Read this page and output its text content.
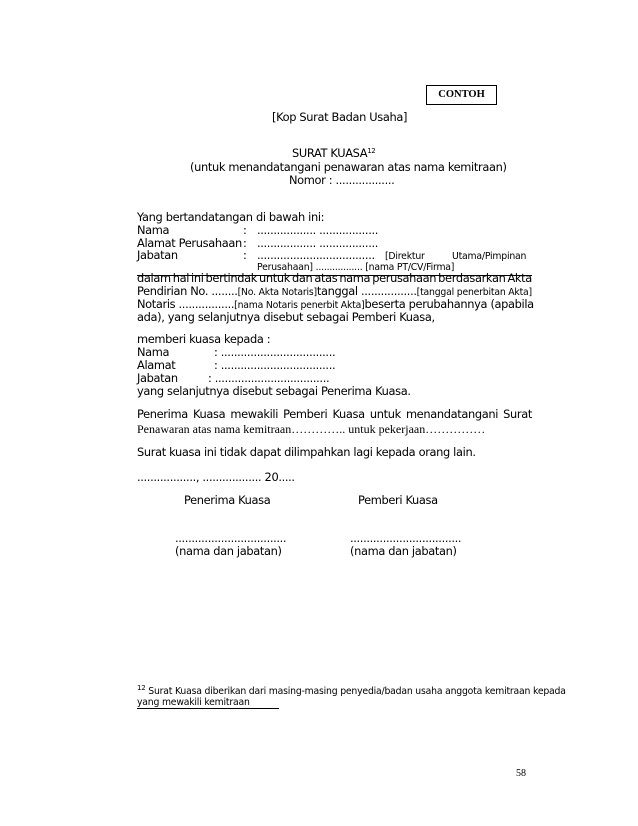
CONTOH
[Kop Surat Badan Usaha]
SURAT KUASA$^{12}$
(untuk menandatangani penawaran atas nama kemitraan)
Nomor : ..................
Yang bertandatangan di bawah ini:
Nama	: .................. ..................
Alamat Perusahaan : .................. ..................
Jabatan	: .................................... [Direktur	Utama/Pimpinan
Perusahaan] ................. [nama PT/CV/Firma]
dalam hal ini bertindak untuk dan atas nama perusahaan berdasarkan Akta
Pendirian No. ........ [No. Akta Notaris] tanggal ................. [tanggal penerbitan Akta]
Notaris ................. [nama Notaris penerbit Akta] beserta perubahannya (apabila
ada), yang selanjutnya disebut sebagai Pemberi Kuasa,
memberi kuasa kepada :
Nama	: ...................................
Alamat	: ...................................
Jabatan	: ...................................
yang selanjutnya disebut sebagai Penerima Kuasa.
Penerima Kuasa mewakili Pemberi Kuasa untuk menandatangani Surat
Penawaran atas nama kemitraan………….. untuk pekerjaan……………
Surat kuasa ini tidak dapat dilimpahkan lagi kepada orang lain.
.................., .................. 20.....
Penerima Kuasa	Pemberi Kuasa
..................................	..................................
(nama dan jabatan)	(nama dan jabatan)
$^{12}$ Surat Kuasa diberikan dari masing-masing penyedia/badan usaha anggota kemitraan kepada
yang mewakili kemitraan
58
